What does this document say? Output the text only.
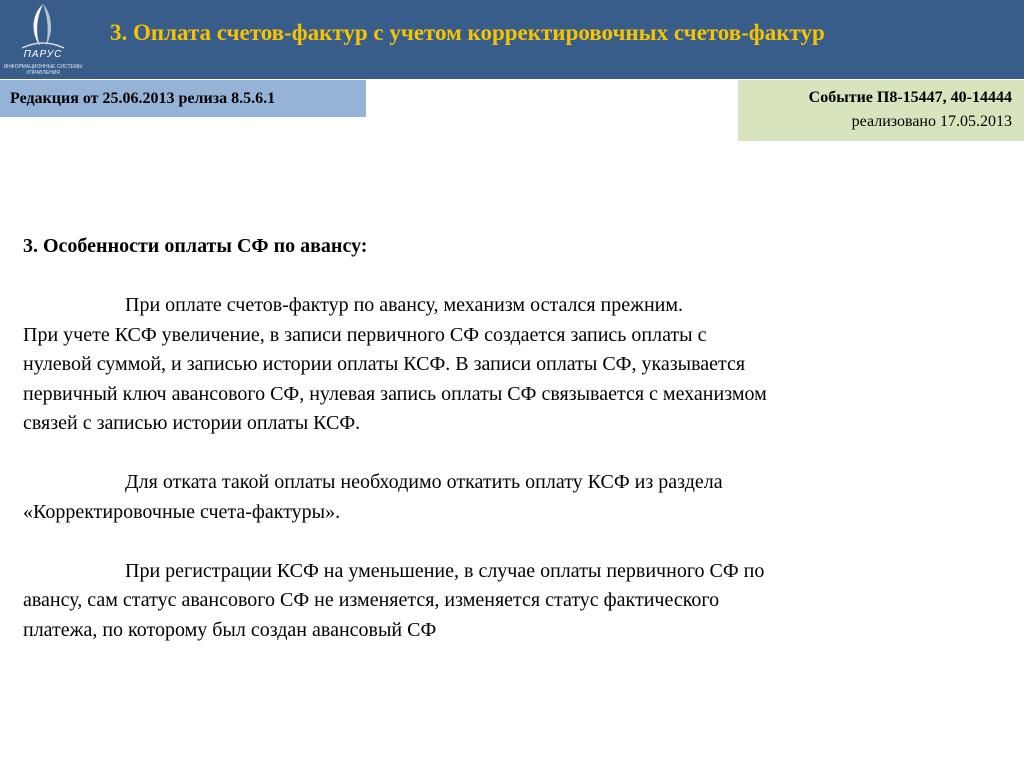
ПАРУС
ИНФОРМАЦИОННЫЕ СИСТЕМЫ УПРАВЛЕНИЯ
3. Оплата счетов-фактур с учетом корректировочных счетов-фактур
Редакция от 25.06.2013 релиза 8.5.6.1	Событие П8-15447, 40-14444
реализовано 17.05.2013

3. Особенности оплаты СФ по авансу:

При оплате счетов-фактур по авансу, механизм остался прежним.

При учете КСФ увеличение, в записи первичного СФ создается запись оплаты с

нулевой суммой, и записью истории оплаты КСФ. В записи оплаты СФ, указывается

первичный ключ авансового СФ, нулевая запись оплаты СФ связывается с механизмом

связей с записью истории оплаты КСФ.

Для отката такой оплаты необходимо откатить оплату КСФ из раздела

«Корректировочные счета-фактуры».

При регистрации КСФ на уменьшение, в случае оплаты первичного СФ по

авансу, сам статус авансового СФ не изменяется, изменяется статус фактического

платежа, по которому был создан авансовый СФ
